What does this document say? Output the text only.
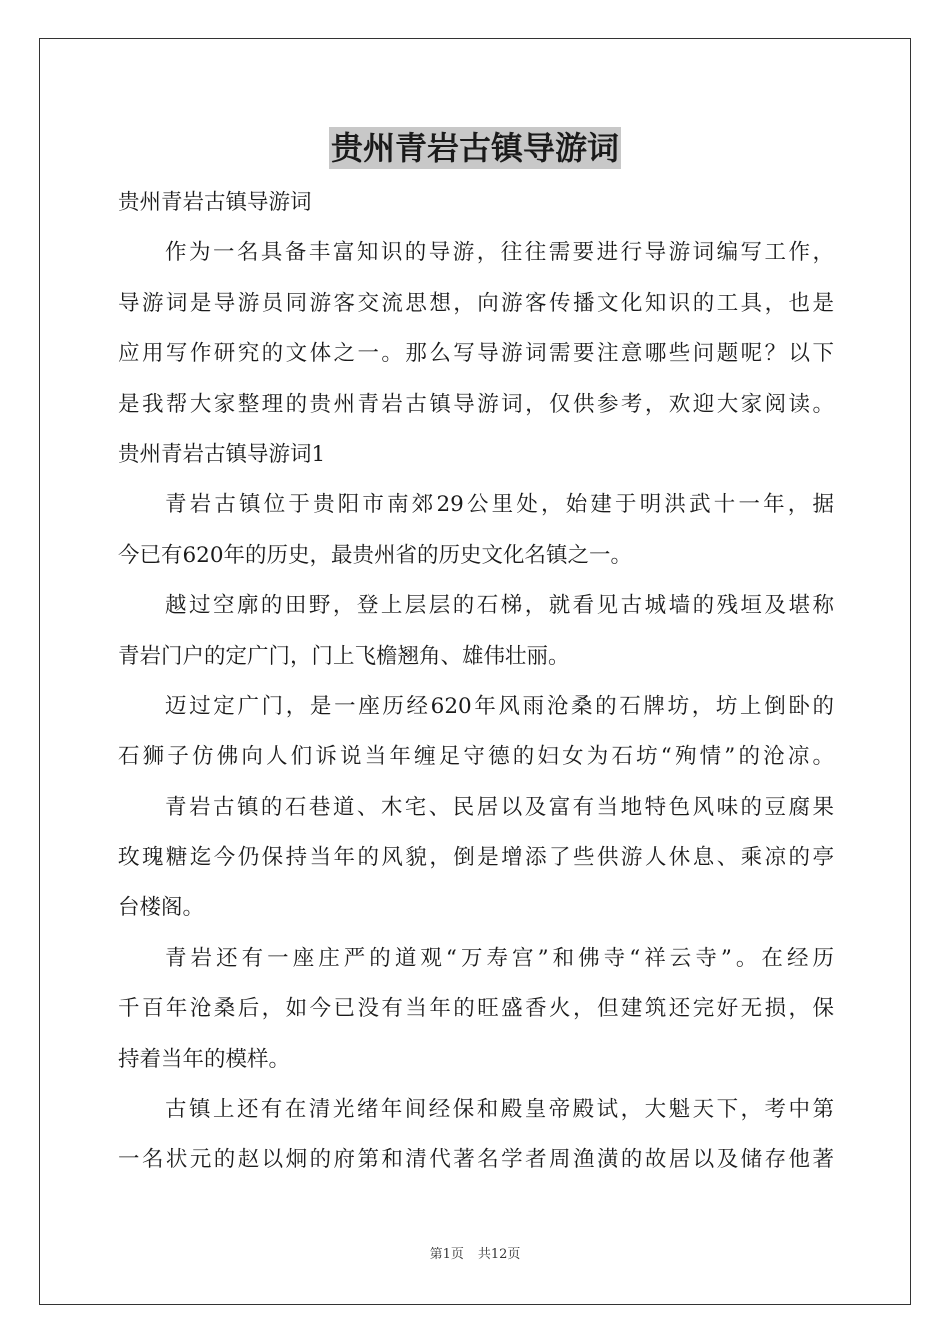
贵州青岩古镇导游词
贵州青岩古镇导游词
作为一名具备丰富知识的导游，往往需要进行导游词编写工作，
导游词是导游员同游客交流思想，向游客传播文化知识的工具，也是
应用写作研究的文体之一。那么写导游词需要注意哪些问题呢？以下
是我帮大家整理的贵州青岩古镇导游词，仅供参考，欢迎大家阅读。
贵州青岩古镇导游词1
青岩古镇位于贵阳市南郊29公里处，始建于明洪武十一年，据
今已有620年的历史，最贵州省的历史文化名镇之一。
越过空廓的田野，登上层层的石梯，就看见古城墙的残垣及堪称
青岩门户的定广门，门上飞檐翘角、雄伟壮丽。
迈过定广门，是一座历经620年风雨沧桑的石牌坊，坊上倒卧的
石狮子仿佛向人们诉说当年缠足守德的妇女为石坊“殉情”的沧凉。
青岩古镇的石巷道、木宅、民居以及富有当地特色风味的豆腐果
玫瑰糖迄今仍保持当年的风貌，倒是增添了些供游人休息、乘凉的亭
台楼阁。
青岩还有一座庄严的道观“万寿宫”和佛寺“祥云寺”。在经历
千百年沧桑后，如今已没有当年的旺盛香火，但建筑还完好无损，保
持着当年的模样。
古镇上还有在清光绪年间经保和殿皇帝殿试，大魁天下，考中第
一名状元的赵以炯的府第和清代著名学者周渔潢的故居以及储存他著
第1页 共12页
